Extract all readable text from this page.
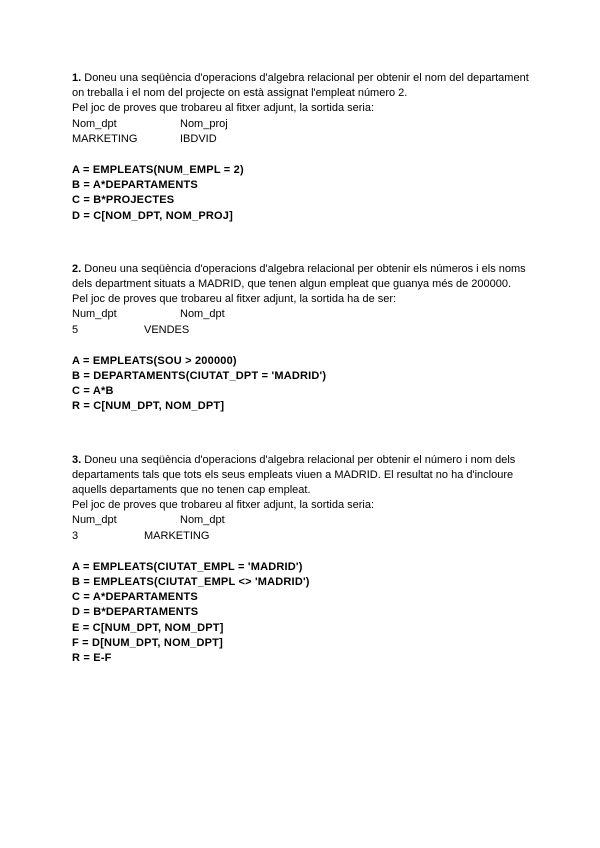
1. Doneu una seqüència d'operacions d'algebra relacional per obtenir el nom del departament on treballa i el nom del projecte on està assignat l'empleat número 2.

Pel joc de proves que trobareu al fitxer adjunt, la sortida seria:

Nom_dpt	Nom_proj
MARKETING	IBDVID
A = EMPLEATS(NUM_EMPL = 2)
B = A*DEPARTAMENTS
C = B*PROJECTES
D = C[NOM_DPT, NOM_PROJ]

2. Doneu una seqüència d'operacions d'algebra relacional per obtenir els números i els noms dels department situats a MADRID, que tenen algun empleat que guanya més de 200000.

Pel joc de proves que trobareu al fitxer adjunt, la sortida ha de ser:

Num_dpt	Nom_dpt
5	VENDES
A = EMPLEATS(SOU > 200000)
B = DEPARTAMENTS(CIUTAT_DPT = 'MADRID')
C = A*B
R = C[NUM_DPT, NOM_DPT]

3. Doneu una seqüència d'operacions d'algebra relacional per obtenir el número i nom dels departaments tals que tots els seus empleats viuen a MADRID. El resultat no ha d'incloure aquells departaments que no tenen cap empleat.

Pel joc de proves que trobareu al fitxer adjunt, la sortida seria:

Num_dpt	Nom_dpt
3	MARKETING
A = EMPLEATS(CIUTAT_EMPL = 'MADRID')
B = EMPLEATS(CIUTAT_EMPL <> 'MADRID')
C = A*DEPARTAMENTS
D = B*DEPARTAMENTS
E = C[NUM_DPT, NOM_DPT]
F = D[NUM_DPT, NOM_DPT]
R = E-F
